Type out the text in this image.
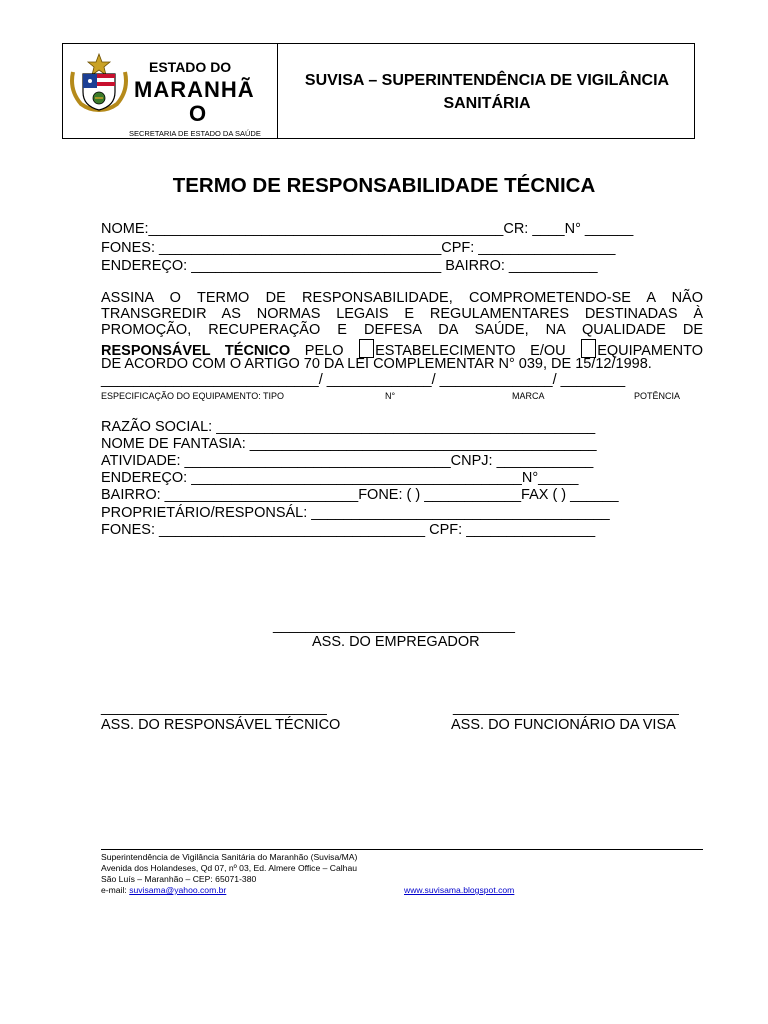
ESTADO DO
MARANHÃ
O
SECRETARIA DE ESTADO DA SAÚDE
SUVISA – SUPERINTENDÊNCIA DE VIGILÂNCIA SANITÁRIA
TERMO DE RESPONSABILIDADE TÉCNICA
NOME:____________________________________________CR: ____N° ______
FONES: ___________________________________CPF: _________________
ENDEREÇO: _______________________________ BAIRRO: ___________
ASSINA O TERMO DE RESPONSABILIDADE, COMPROMETENDO-SE A NÃO
TRANSGREDIR AS NORMAS LEGAIS E REGULAMENTARES DESTINADAS À
PROMOÇÃO, RECUPERAÇÃO E DEFESA DA SAÚDE, NA QUALIDADE DE
RESPONSÁVEL TÉCNICO PELO ESTABELECIMENTO E/OU EQUIPAMENTO
DE ACORDO COM O ARTIGO 70 DA LEI COMPLEMENTAR N° 039, DE 15/12/1998.
___________________________/ _____________/ ______________/ ________
ESPECIFICAÇÃO DO EQUIPAMENTO: TIPO	N°	MARCA	POTÊNCIA
RAZÃO SOCIAL: _______________________________________________
NOME DE FANTASIA: ___________________________________________
ATIVIDADE: _________________________________CNPJ: ____________
ENDEREÇO: _________________________________________N°_____
BAIRRO: ________________________FONE: ( ) ____________FAX ( ) ______
PROPRIETÁRIO/RESPONSÁL: _____________________________________
FONES: _________________________________ CPF: ________________
______________________________
ASS. DO EMPREGADOR
____________________________
ASS. DO RESPONSÁVEL TÉCNICO
____________________________
ASS. DO FUNCIONÁRIO DA VISA
Superintendência de Vigilância Sanitária do Maranhão (Suvisa/MA)
Avenida dos Holandeses, Qd 07, nº 03, Ed. Almere Office – Calhau
São Luís – Maranhão – CEP: 65071-380
e-mail: suvisama@yahoo.com.br	www.suvisama.blogspot.com
